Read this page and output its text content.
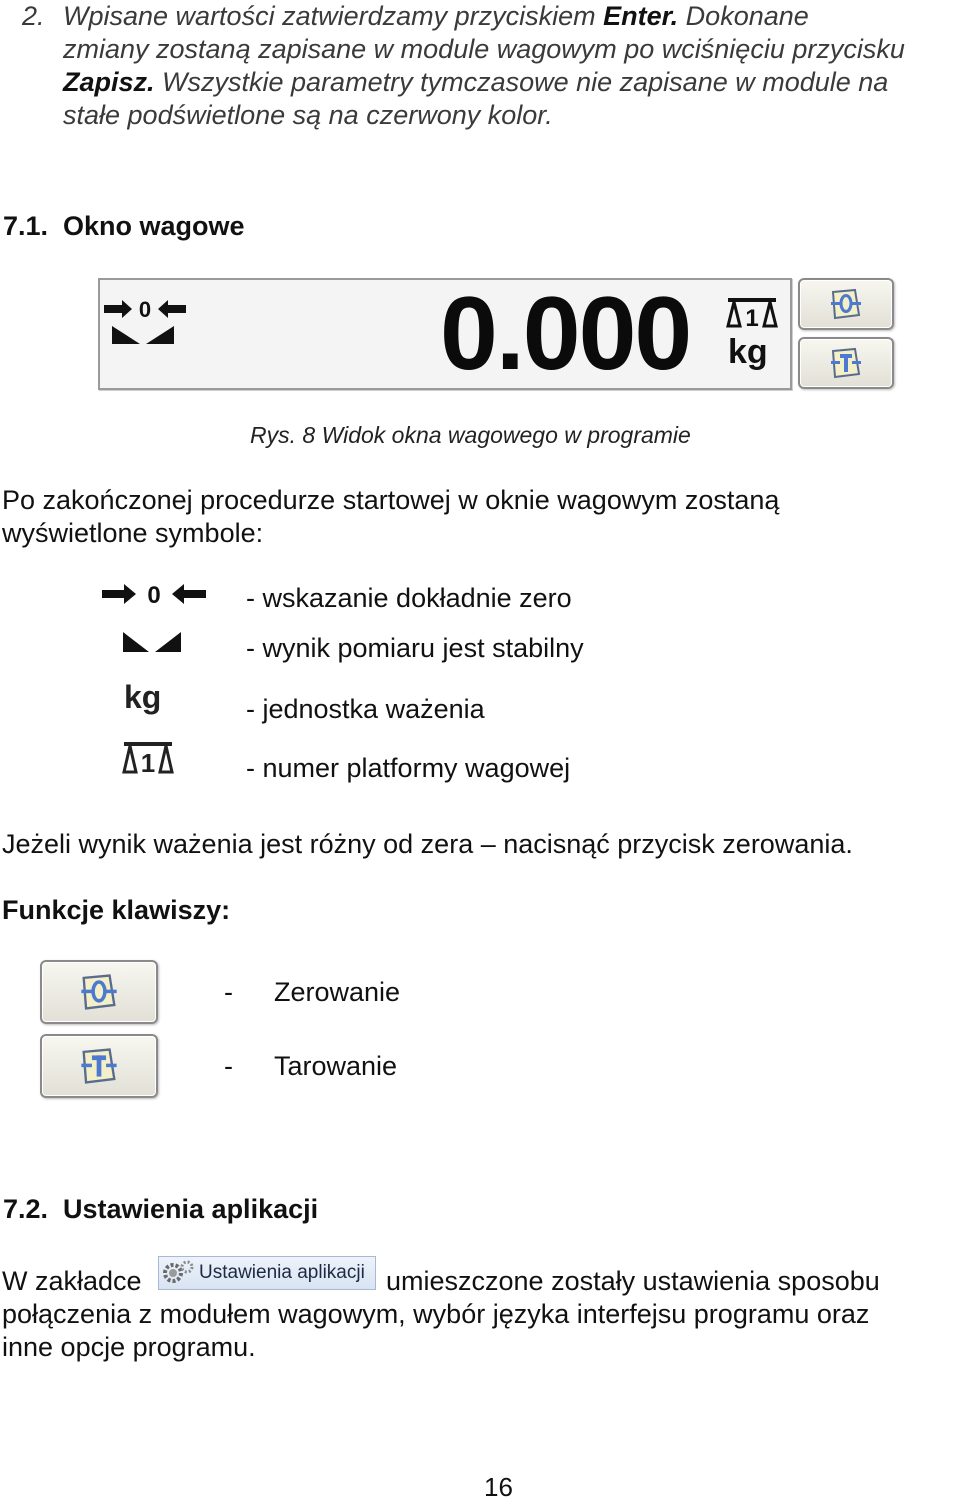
2. Wpisane wartości zatwierdzamy przyciskiem Enter. Dokonane
zmiany zostaną zapisane w module wagowym po wciśnięciu przycisku
Zapisz. Wszystkie parametry tymczasowe nie zapisane w module na
stałe podświetlone są na czerwony kolor.
7.1. Okno wagowe
0	0.000 1
kg
Rys. 8 Widok okna wagowego w programie
Po zakończonej procedurze startowej w oknie wagowym zostaną
wyświetlone symbole:
0	- wskazanie dokładnie zero
- wynik pomiaru jest stabilny
kg	- jednostka ważenia
1	- numer platformy wagowej
Jeżeli wynik ważenia jest różny od zera – nacisnąć przycisk zerowania.
Funkcje klawiszy:
- Zerowanie
- Tarowanie
7.2. Ustawienia aplikacji
W zakładce	Ustawienia aplikacji umieszczone zostały ustawienia sposobu
połączenia z modułem wagowym, wybór języka interfejsu programu oraz
inne opcje programu.
16
